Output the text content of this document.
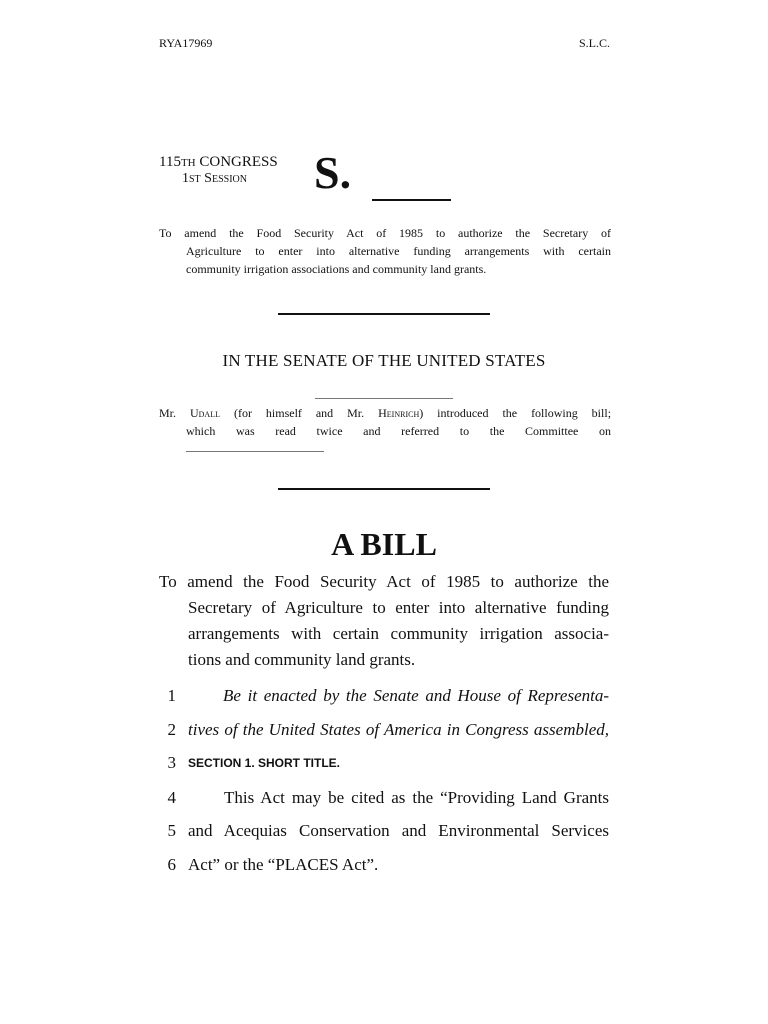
RYA17969	S.L.C.
115TH CONGRESS
1ST Session S.
To amend the Food Security Act of 1985 to authorize the Secretary of
Agriculture to enter into alternative funding arrangements with certain
community irrigation associations and community land grants.
IN THE SENATE OF THE UNITED STATES
Mr. Udall (for himself and Mr. Heinrich) introduced the following bill;
which was read twice and referred to the Committee on
A BILL
To amend the Food Security Act of 1985 to authorize the
Secretary of Agriculture to enter into alternative funding
arrangements with certain community irrigation associa-
tions and community land grants.
1	Be it enacted by the Senate and House of Representa-
2 tives of the United States of America in Congress assembled,
3 SECTION 1. SHORT TITLE.
4	This Act may be cited as the “Providing Land Grants
5 and Acequias Conservation and Environmental Services
6 Act” or the “PLACES Act”.
